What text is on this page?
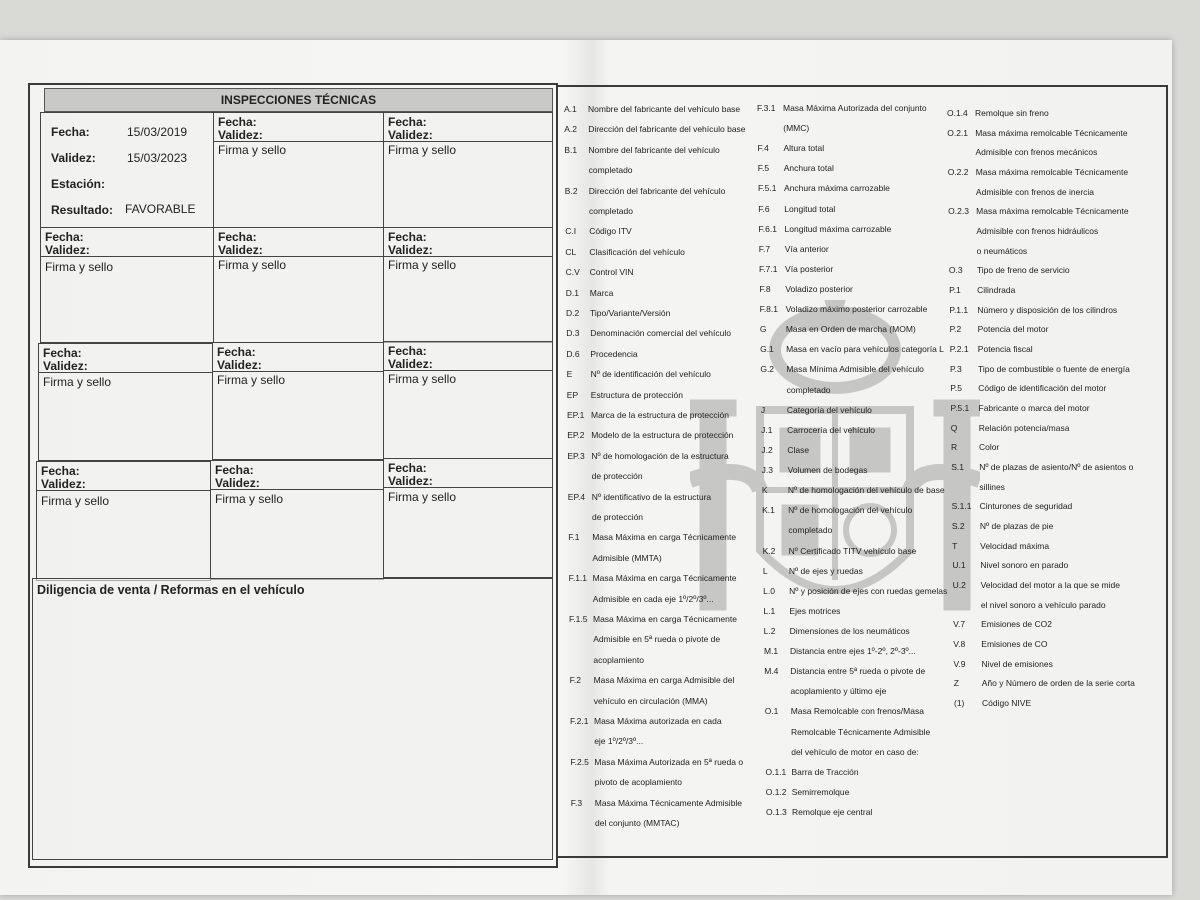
INSPECCIONES TÉCNICAS
Fecha:	15/03/2019
Validez:	15/03/2023
Estación:
Resultado: FAVORABLE
Fecha:
Validez:
Firma y sello
Fecha:
Validez:
Firma y sello
Fecha:
Validez:
Firma y sello
Fecha:
Validez:
Firma y sello
Fecha:
Validez:
Firma y sello
Fecha:
Validez:
Firma y sello
Fecha:
Validez:
Firma y sello
Fecha:
Validez:
Firma y sello
Fecha:
Validez:
Firma y sello
Fecha:
Validez:
Firma y sello
Fecha:
Validez:
Firma y sello
Diligencia de venta / Reformas en el vehículo
A.1 Nombre del fabricante del vehículo base
A.2 Dirección del fabricante del vehículo base
B.1 Nombre del fabricante del vehículo
completado
B.2 Dirección del fabricante del vehículo
completado
C.I Código ITV
CL Clasificación del vehículo
C.V Control VIN
D.1 Marca
D.2 Tipo/Variante/Versión
D.3 Denominación comercial del vehículo
D.6 Procedencia
E Nº de identificación del vehículo
EP Estructura de protección
EP.1 Marca de la estructura de protección
EP.2 Modelo de la estructura de protección
EP.3 Nº de homologación de la estructura
de protección
EP.4 Nº identificativo de la estructura
de protección
F.1 Masa Máxima en carga Técnicamente
Admisible (MMTA)
F.1.1 Masa Máxima en carga Técnicamente
Admisible en cada eje 1º/2º/3º...
F.1.5 Masa Máxima en carga Técnicamente
Admisible en 5ª rueda o pivote de
acoplamiento
F.2 Masa Máxima en carga Admisible del
vehículo en circulación (MMA)
F.2.1 Masa Máxima autorizada en cada
eje 1º/2º/3º...
F.2.5 Masa Máxima Autorizada en 5ª rueda o
pivoto de acoplamiento
F.3 Masa Máxima Técnicamente Admisible
del conjunto (MMTAC)
F.3.1 Masa Máxima Autorizada del conjunto
(MMC)
F.4 Altura total
F.5 Anchura total
F.5.1 Anchura máxima carrozable
F.6 Longitud total
F.6.1 Longitud máxima carrozable
F.7 Vía anterior
F.7.1 Vía posterior
F.8 Voladizo posterior
F.8.1 Voladizo máximo posterior carrozable
G Masa en Orden de marcha (MOM)
G.1 Masa en vacío para vehículos categoría L
G.2 Masa Mínima Admisible del vehículo
completado
J	Categoría del vehículo
J.1 Carrocería del vehículo
J.2 Clase
J.3 Volumen de bodegas
K Nº de homologación del vehículo de base
K.1 Nº de homologación del vehículo
completado
K.2 Nº Certificado TITV vehículo base
L	Nº de ejes y ruedas
L.0 Nº y posición de ejes con ruedas gemelas
L.1 Ejes motrices
L.2 Dimensiones de los neumáticos
M.1 Distancia entre ejes 1º-2º, 2º-3º...
M.4 Distancia entre 5ª rueda o pivote de
acoplamiento y último eje
O.1 Masa Remolcable con frenos/Masa
Remolcable Técnicamente Admisible
del vehículo de motor en caso de:
O.1.1 Barra de Tracción
O.1.2 Semirremolque
O.1.3 Remolque eje central
O.1.4 Remolque sin freno
O.2.1 Masa máxima remolcable Técnicamente
Admisible con frenos mecánicos
O.2.2 Masa máxima remolcable Técnicamente
Admisible con frenos de inercia
O.2.3 Masa máxima remolcable Técnicamente
Admisible con frenos hidráulicos
o neumáticos
O.3 Tipo de freno de servicio
P.1 Cilindrada
P.1.1 Número y disposición de los cilindros
P.2 Potencia del motor
P.2.1 Potencia fiscal
P.3 Tipo de combustible o fuente de energía
P.5 Código de identificación del motor
P.5.1 Fabricante o marca del motor
Q	Relación potencia/masa
R	Color
S.1 Nº de plazas de asiento/Nº de asientos o
sillines
S.1.1 Cinturones de seguridad
S.2 Nº de plazas de pie
T	Velocidad máxima
U.1 Nivel sonoro en parado
U.2 Velocidad del motor a la que se mide
el nivel sonoro a vehículo parado
V.7 Emisiones de CO2
V.8 Emisiones de CO
V.9 Nivel de emisiones
Z	Año y Número de orden de la serie corta
(1) Código NIVE
